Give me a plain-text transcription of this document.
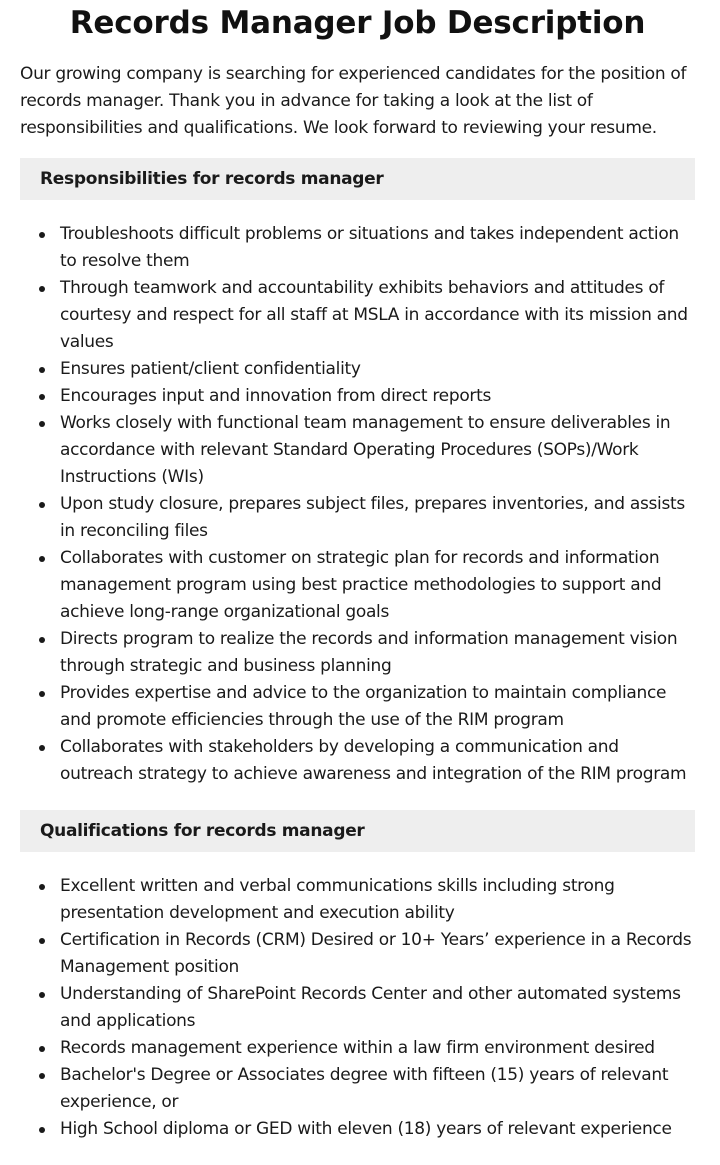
Records Manager Job Description

Our growing company is searching for experienced candidates for the position of records manager. Thank you in advance for taking a look at the list of responsibilities and qualifications. We look forward to reviewing your resume.

Responsibilities for records manager
Troubleshoots difficult problems or situations and takes independent action to resolve them
Through teamwork and accountability exhibits behaviors and attitudes of courtesy and respect for all staff at MSLA in accordance with its mission and values
Ensures patient/client confidentiality
Encourages input and innovation from direct reports
Works closely with functional team management to ensure deliverables in accordance with relevant Standard Operating Procedures (SOPs)/Work Instructions (WIs)
Upon study closure, prepares subject files, prepares inventories, and assists in reconciling files
Collaborates with customer on strategic plan for records and information management program using best practice methodologies to support and achieve long-range organizational goals
Directs program to realize the records and information management vision through strategic and business planning
Provides expertise and advice to the organization to maintain compliance and promote efficiencies through the use of the RIM program
Collaborates with stakeholders by developing a communication and outreach strategy to achieve awareness and integration of the RIM program
Qualifications for records manager
Excellent written and verbal communications skills including strong presentation development and execution ability
Certification in Records (CRM) Desired or 10+ Years’ experience in a Records Management position
Understanding of SharePoint Records Center and other automated systems and applications
Records management experience within a law firm environment desired
Bachelor's Degree or Associates degree with fifteen (15) years of relevant experience, or
High School diploma or GED with eleven (18) years of relevant experience
